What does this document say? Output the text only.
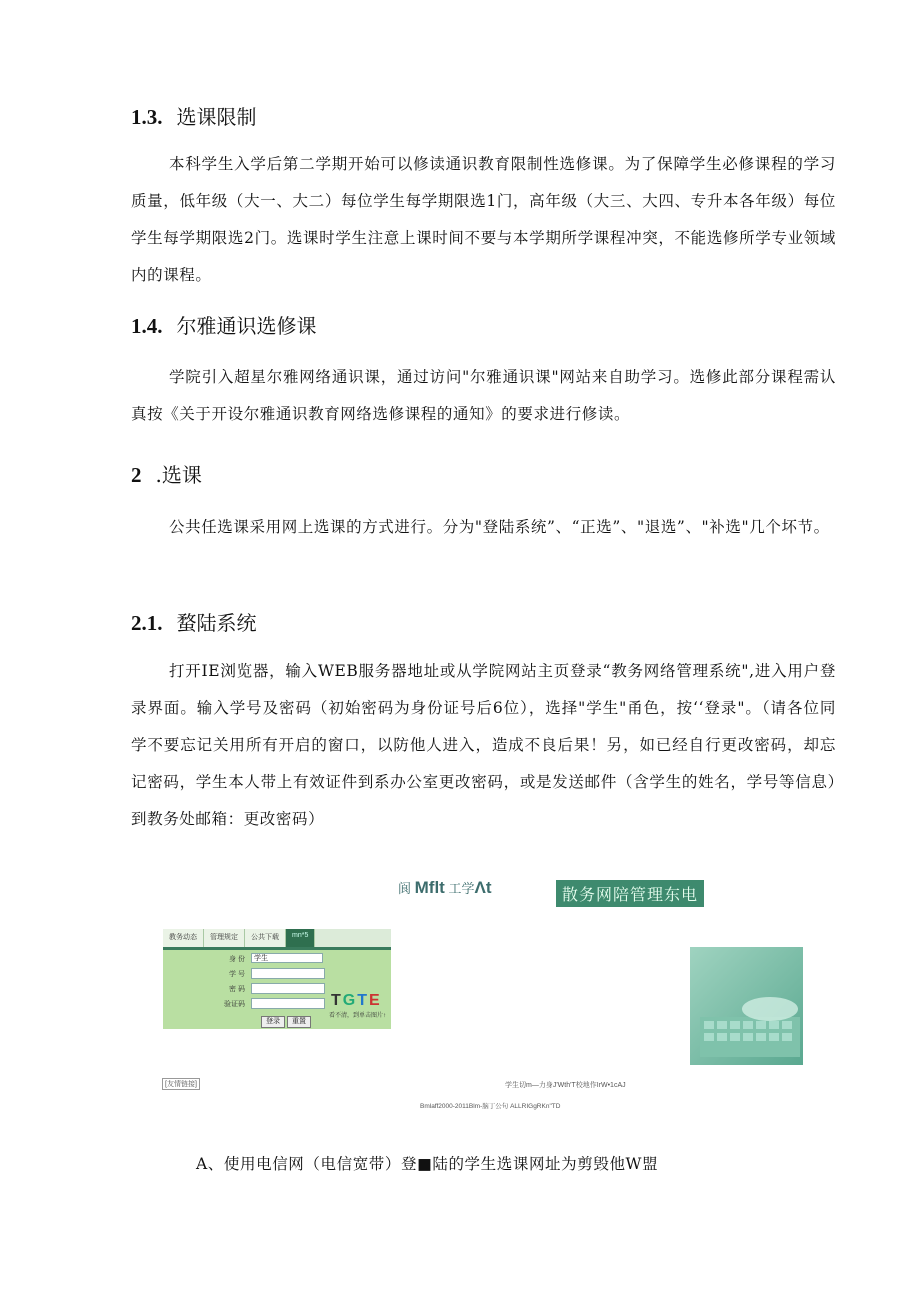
1.3. 选课限制
本科学生入学后第二学期开始可以修读通识教育限制性选修课。为了保障学生必修课程的学习质量，低年级（大一、大二）每位学生每学期限选1门，高年级（大三、大四、专升本各年级）每位学生每学期限选2门。选课时学生注意上课时间不要与本学期所学课程冲突，不能选修所学专业领域内的课程。
1.4. 尔雅通识选修课
学院引入超星尔雅网络通识课，通过访问"尔雅通识课"网站来自助学习。选修此部分课程需认真按《关于开设尔雅通识教育网络选修课程的通知》的要求进行修读。
2 .选课
公共任选课采用网上选课的方式进行。分为"登陆系统”、“正选”、"退选”、"补选"几个坏节。
2.1. 蝥陆系统
打开IE浏览器，输入WEB服务器地址或从学院网站主页登录“教务网络管理系统",进入用户登录界面。输入学号及密码（初始密码为身份证号后6位），选择"学生"甬色，按‘‘登录"。（请各位同学不要忘记关用所有开启的窗口，以防他人进入，造成不良后果！另，如已经自行更改密码，却忘记密码，学生本人带上有效证件到系办公室更改密码，或是发送邮件（含学生的姓名，学号等信息）到教务处邮箱：更改密码）
阆 Mflt 工学Λt	散务网陪管理东电
教务动态	管理规定	公共下载	mn*5
身 份	学生
学 号
密 码
验证码	TGTE
看不清，到单击图片↑
登录	重置
[友情链接]	学生切m—力身J'Wth'T校地作IrW•1cAJ
Bmlaff2000-2011Blm-脑丁公句 ALLRIGgRKn"TD
A、使用电信网（电信宽带）登■陆的学生选课网址为剪毁他W盟
